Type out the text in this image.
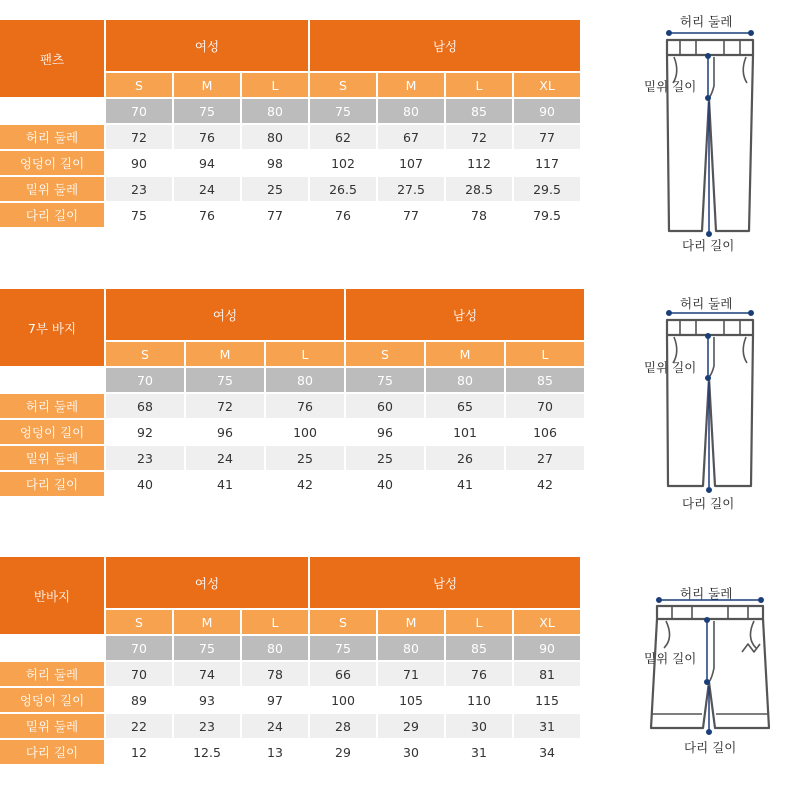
팬츠	여성			남성			
	S	M	L	S	M	L	XL
	70	75	80	75	80	85	90
허리 둘레	72	76	80	62	67	72	77
엉덩이 길이	90	94	98	102	107	112	117
밑위 둘레	23	24	25	26.5	27.5	28.5	29.5
다리 길이	75	76	77	76	77	78	79.5
허리 둘레
밑위 길이
다리 길이
7부 바지	여성			남성		
	S	M	L	S	M	L
	70	75	80	75	80	85
허리 둘레	68	72	76	60	65	70
엉덩이 길이	92	96	100	96	101	106
밑위 둘레	23	24	25	25	26	27
다리 길이	40	41	42	40	41	42
허리 둘레
밑위 길이
다리 길이
반바지	여성			남성			
	S	M	L	S	M	L	XL
	70	75	80	75	80	85	90
허리 둘레	70	74	78	66	71	76	81
엉덩이 길이	89	93	97	100	105	110	115
밑위 둘레	22	23	24	28	29	30	31
다리 길이	12	12.5	13	29	30	31	34
허리 둘레
밑위 길이
다리 길이
